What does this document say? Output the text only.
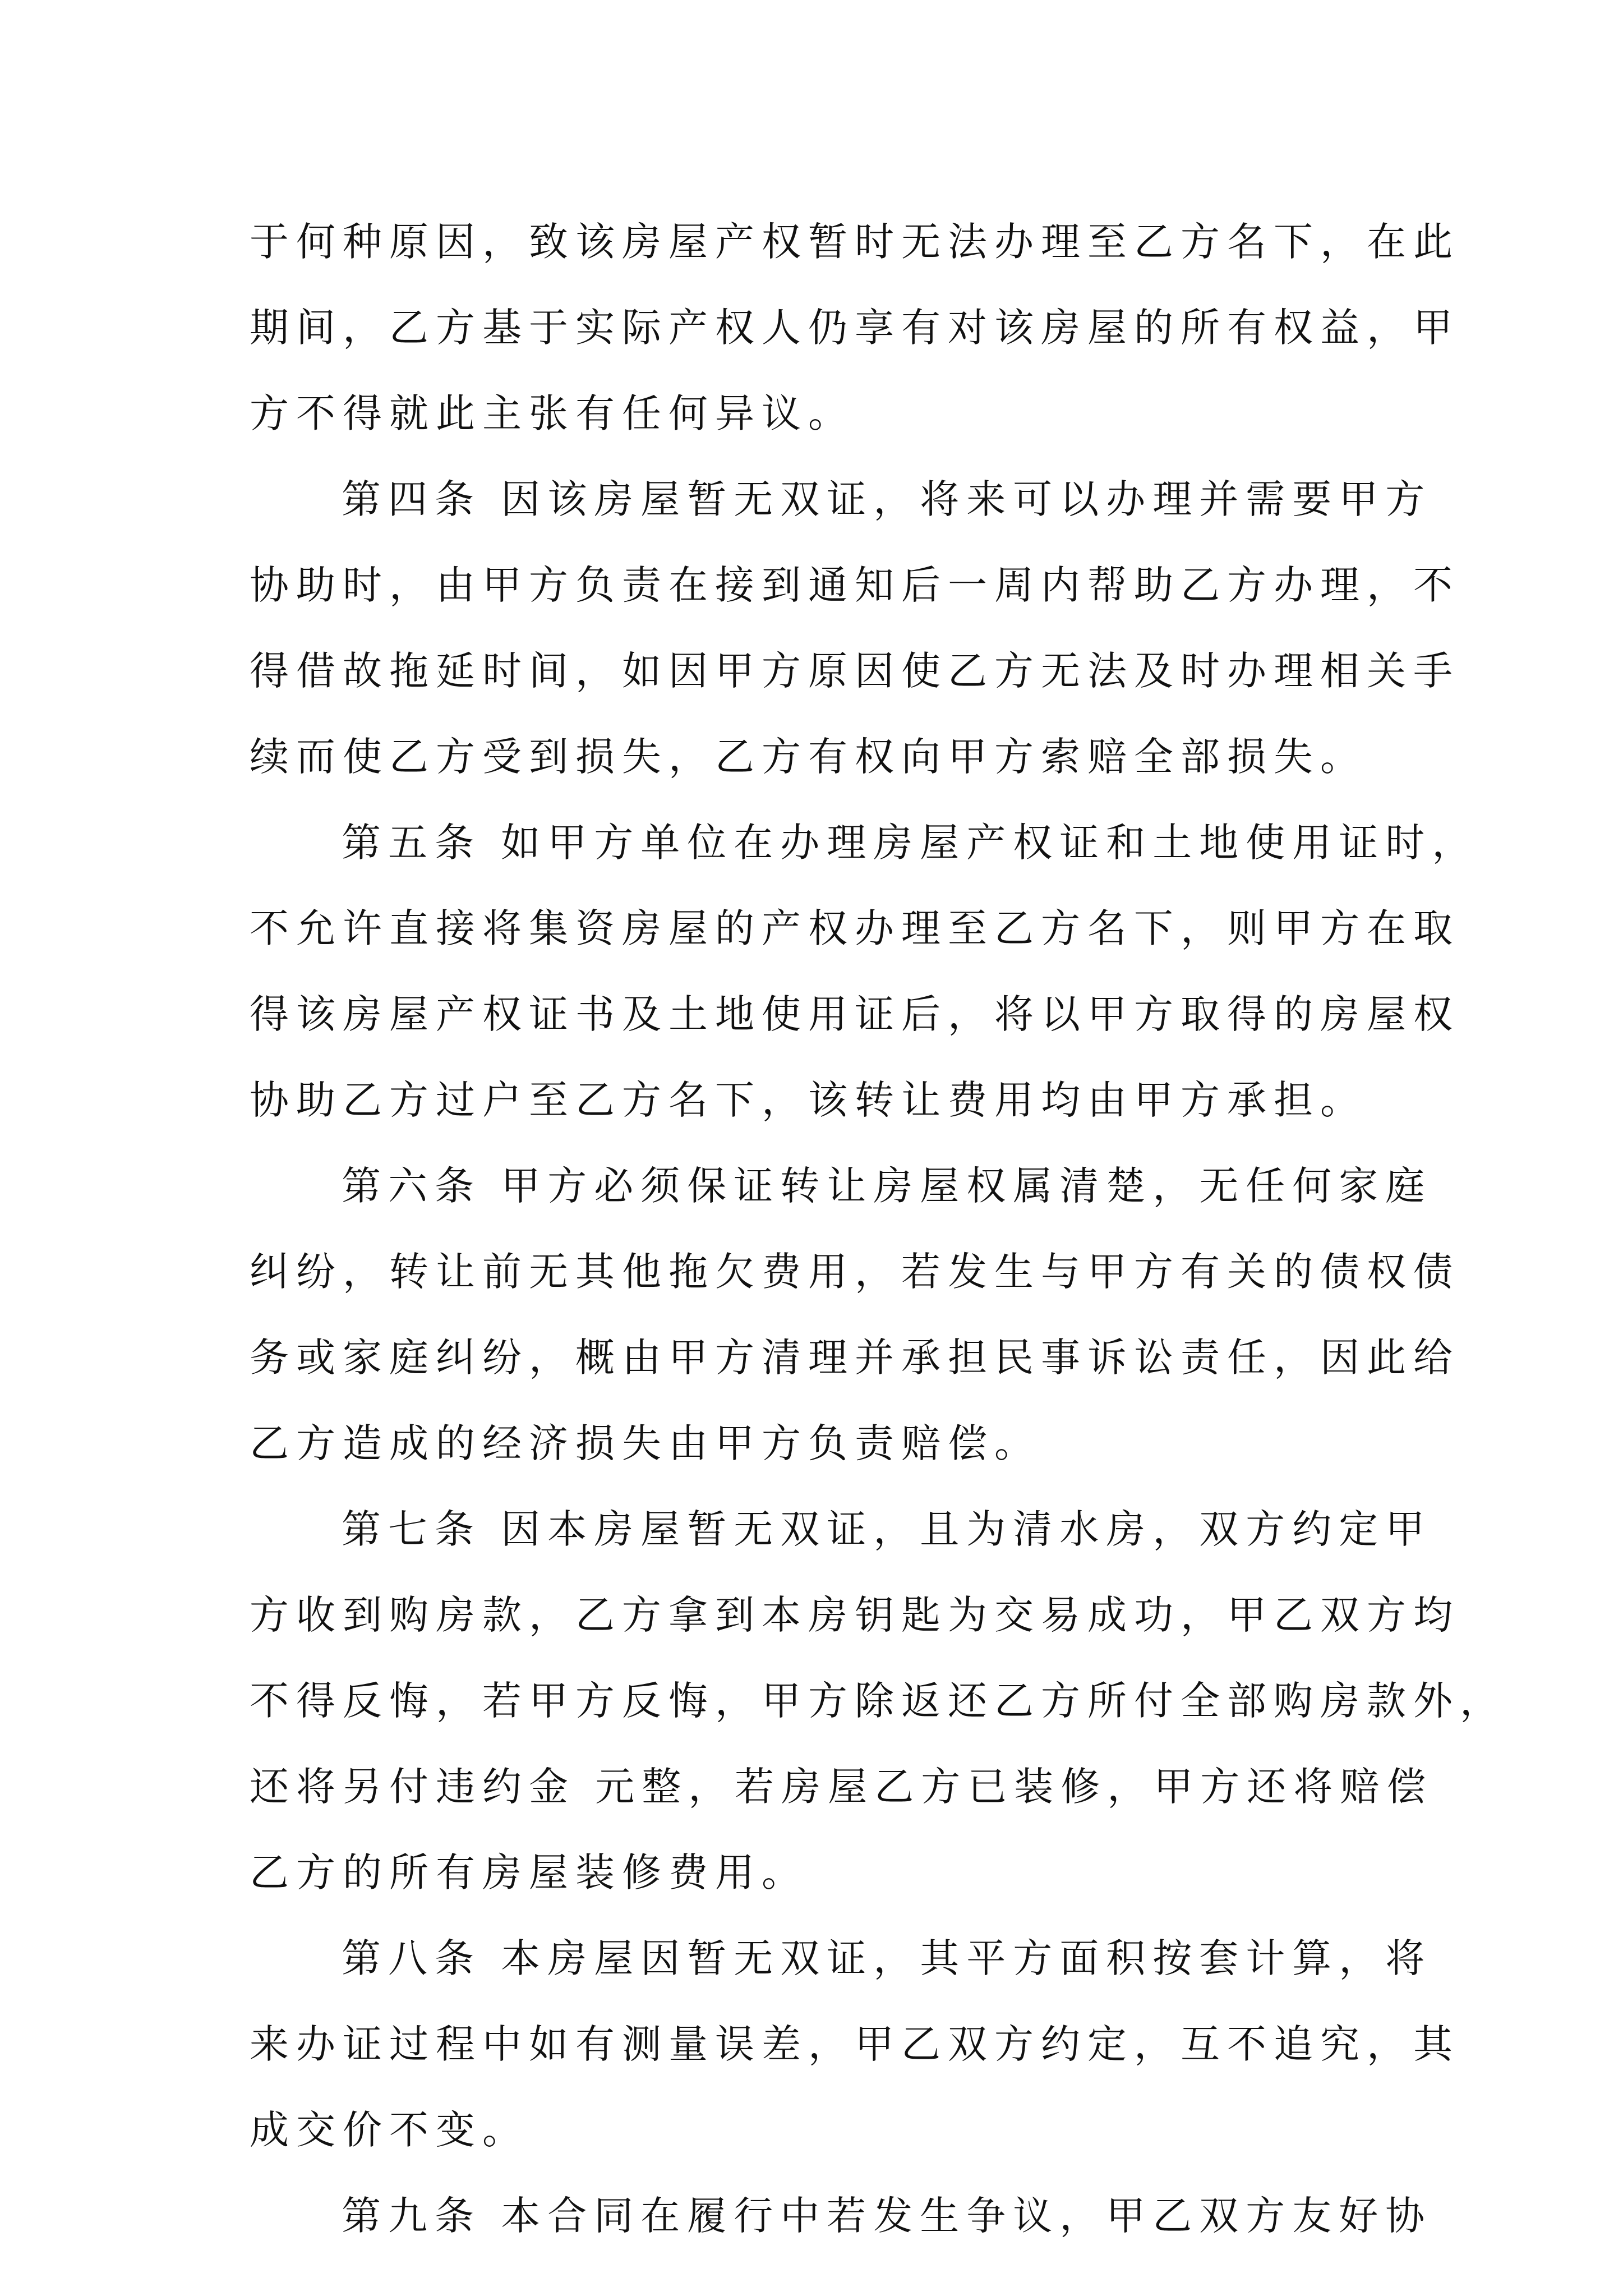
于何种原因，致该房屋产权暂时无法办理至乙方名下，在此
期间，乙方基于实际产权人仍享有对该房屋的所有权益，甲
方不得就此主张有任何异议。
第四条 因该房屋暂无双证，将来可以办理并需要甲方
协助时，由甲方负责在接到通知后一周内帮助乙方办理，不
得借故拖延时间，如因甲方原因使乙方无法及时办理相关手
续而使乙方受到损失，乙方有权向甲方索赔全部损失。
第五条 如甲方单位在办理房屋产权证和土地使用证时，
不允许直接将集资房屋的产权办理至乙方名下，则甲方在取
得该房屋产权证书及土地使用证后，将以甲方取得的房屋权
协助乙方过户至乙方名下，该转让费用均由甲方承担。
第六条 甲方必须保证转让房屋权属清楚，无任何家庭
纠纷，转让前无其他拖欠费用，若发生与甲方有关的债权债
务或家庭纠纷，概由甲方清理并承担民事诉讼责任，因此给
乙方造成的经济损失由甲方负责赔偿。
第七条 因本房屋暂无双证，且为清水房，双方约定甲
方收到购房款，乙方拿到本房钥匙为交易成功，甲乙双方均
不得反悔，若甲方反悔，甲方除返还乙方所付全部购房款外，
还将另付违约金 元整，若房屋乙方已装修，甲方还将赔偿
乙方的所有房屋装修费用。
第八条 本房屋因暂无双证，其平方面积按套计算，将
来办证过程中如有测量误差，甲乙双方约定，互不追究，其
成交价不变。
第九条 本合同在履行中若发生争议，甲乙双方友好协
